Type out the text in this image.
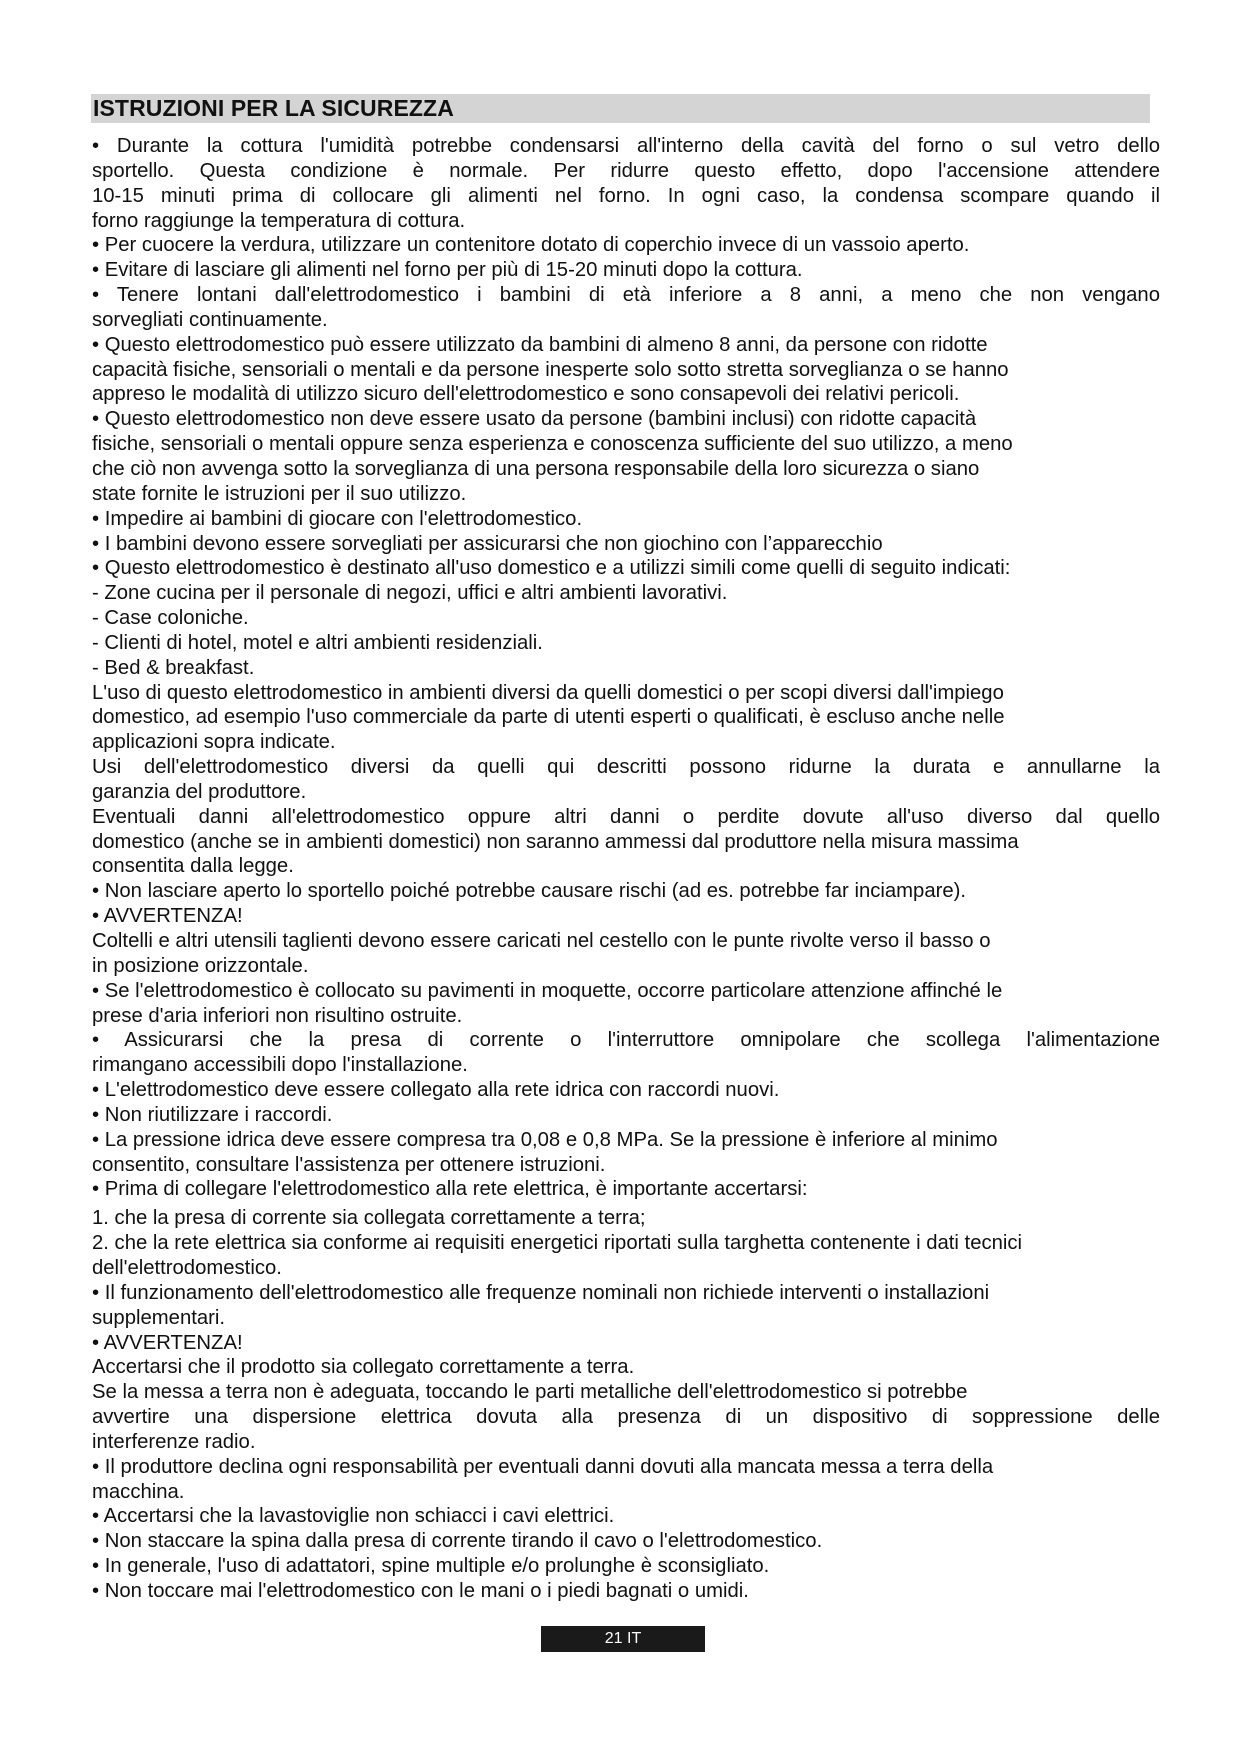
ISTRUZIONI PER LA SICUREZZA
• Durante la cottura l'umidità potrebbe condensarsi all'interno della cavità del forno o sul vetro dello
sportello. Questa condizione è normale. Per ridurre questo effetto, dopo l'accensione attendere
10-15 minuti prima di collocare gli alimenti nel forno. In ogni caso, la condensa scompare quando il
forno raggiunge la temperatura di cottura.
• Per cuocere la verdura, utilizzare un contenitore dotato di coperchio invece di un vassoio aperto.
• Evitare di lasciare gli alimenti nel forno per più di 15-20 minuti dopo la cottura.
• Tenere lontani dall'elettrodomestico i bambini di età inferiore a 8 anni, a meno che non vengano
sorvegliati continuamente.
• Questo elettrodomestico può essere utilizzato da bambini di almeno 8 anni, da persone con ridotte
capacità fisiche, sensoriali o mentali e da persone inesperte solo sotto stretta sorveglianza o se hanno
appreso le modalità di utilizzo sicuro dell'elettrodomestico e sono consapevoli dei relativi pericoli.
• Questo elettrodomestico non deve essere usato da persone (bambini inclusi) con ridotte capacità
fisiche, sensoriali o mentali oppure senza esperienza e conoscenza sufficiente del suo utilizzo, a meno
che ciò non avvenga sotto la sorveglianza di una persona responsabile della loro sicurezza o siano
state fornite le istruzioni per il suo utilizzo.
• Impedire ai bambini di giocare con l'elettrodomestico.
• I bambini devono essere sorvegliati per assicurarsi che non giochino con l’apparecchio
• Questo elettrodomestico è destinato all'uso domestico e a utilizzi simili come quelli di seguito indicati:
- Zone cucina per il personale di negozi, uffici e altri ambienti lavorativi.
- Case coloniche.
- Clienti di hotel, motel e altri ambienti residenziali.
- Bed & breakfast.
L'uso di questo elettrodomestico in ambienti diversi da quelli domestici o per scopi diversi dall'impiego
domestico, ad esempio l'uso commerciale da parte di utenti esperti o qualificati, è escluso anche nelle
applicazioni sopra indicate.
Usi dell'elettrodomestico diversi da quelli qui descritti possono ridurne la durata e annullarne la
garanzia del produttore.
Eventuali danni all'elettrodomestico oppure altri danni o perdite dovute all'uso diverso dal quello
domestico (anche se in ambienti domestici) non saranno ammessi dal produttore nella misura massima
consentita dalla legge.
• Non lasciare aperto lo sportello poiché potrebbe causare rischi (ad es. potrebbe far inciampare).
• AVVERTENZA!
Coltelli e altri utensili taglienti devono essere caricati nel cestello con le punte rivolte verso il basso o
in posizione orizzontale.
• Se l'elettrodomestico è collocato su pavimenti in moquette, occorre particolare attenzione affinché le
prese d'aria inferiori non risultino ostruite.
• Assicurarsi che la presa di corrente o l'interruttore omnipolare che scollega l'alimentazione
rimangano accessibili dopo l'installazione.
• L'elettrodomestico deve essere collegato alla rete idrica con raccordi nuovi.
• Non riutilizzare i raccordi.
• La pressione idrica deve essere compresa tra 0,08 e 0,8 MPa. Se la pressione è inferiore al minimo
consentito, consultare l'assistenza per ottenere istruzioni.
• Prima di collegare l'elettrodomestico alla rete elettrica, è importante accertarsi:
1. che la presa di corrente sia collegata correttamente a terra;
2. che la rete elettrica sia conforme ai requisiti energetici riportati sulla targhetta contenente i dati tecnici
dell'elettrodomestico.
• Il funzionamento dell'elettrodomestico alle frequenze nominali non richiede interventi o installazioni
supplementari.
• AVVERTENZA!
Accertarsi che il prodotto sia collegato correttamente a terra.
Se la messa a terra non è adeguata, toccando le parti metalliche dell'elettrodomestico si potrebbe
avvertire una dispersione elettrica dovuta alla presenza di un dispositivo di soppressione delle
interferenze radio.
• Il produttore declina ogni responsabilità per eventuali danni dovuti alla mancata messa a terra della
macchina.
• Accertarsi che la lavastoviglie non schiacci i cavi elettrici.
• Non staccare la spina dalla presa di corrente tirando il cavo o l'elettrodomestico.
• In generale, l'uso di adattatori, spine multiple e/o prolunghe è sconsigliato.
• Non toccare mai l'elettrodomestico con le mani o i piedi bagnati o umidi.
21 IT
